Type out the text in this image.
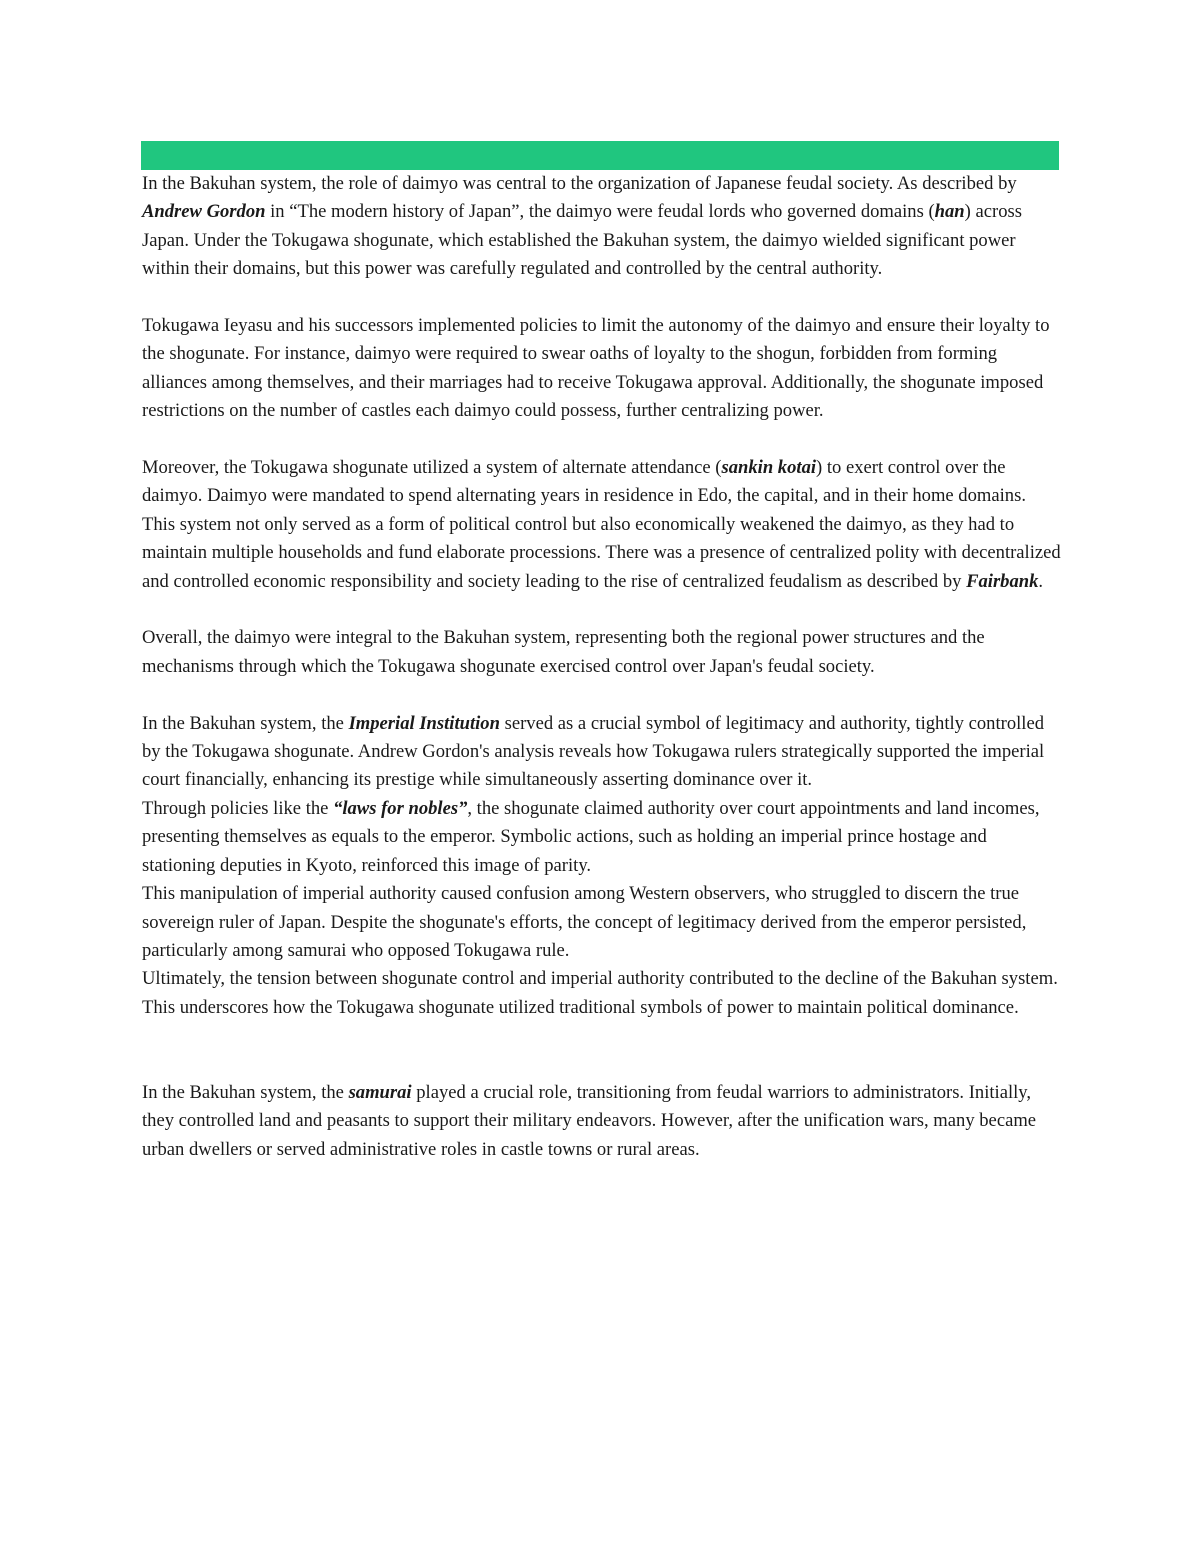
In the Bakuhan system, the role of daimyo was central to the organization of Japanese feudal society. As described by Andrew Gordon in “The modern history of Japan”, the daimyo were feudal lords who governed domains (han) across Japan. Under the Tokugawa shogunate, which established the Bakuhan system, the daimyo wielded significant power within their domains, but this power was carefully regulated and controlled by the central authority.

Tokugawa Ieyasu and his successors implemented policies to limit the autonomy of the daimyo and ensure their loyalty to the shogunate. For instance, daimyo were required to swear oaths of loyalty to the shogun, forbidden from forming alliances among themselves, and their marriages had to receive Tokugawa approval. Additionally, the shogunate imposed restrictions on the number of castles each daimyo could possess, further centralizing power.

Moreover, the Tokugawa shogunate utilized a system of alternate attendance (sankin kotai) to exert control over the daimyo. Daimyo were mandated to spend alternating years in residence in Edo, the capital, and in their home domains. This system not only served as a form of political control but also economically weakened the daimyo, as they had to maintain multiple households and fund elaborate processions. There was a presence of centralized polity with decentralized and controlled economic responsibility and society leading to the rise of centralized feudalism as described by Fairbank.

Overall, the daimyo were integral to the Bakuhan system, representing both the regional power structures and the mechanisms through which the Tokugawa shogunate exercised control over Japan's feudal society.

In the Bakuhan system, the Imperial Institution served as a crucial symbol of legitimacy and authority, tightly controlled by the Tokugawa shogunate. Andrew Gordon's analysis reveals how Tokugawa rulers strategically supported the imperial court financially, enhancing its prestige while simultaneously asserting dominance over it.

Through policies like the “laws for nobles”, the shogunate claimed authority over court appointments and land incomes, presenting themselves as equals to the emperor. Symbolic actions, such as holding an imperial prince hostage and stationing deputies in Kyoto, reinforced this image of parity.

This manipulation of imperial authority caused confusion among Western observers, who struggled to discern the true sovereign ruler of Japan. Despite the shogunate's efforts, the concept of legitimacy derived from the emperor persisted, particularly among samurai who opposed Tokugawa rule.

Ultimately, the tension between shogunate control and imperial authority contributed to the decline of the Bakuhan system. This underscores how the Tokugawa shogunate utilized traditional symbols of power to maintain political dominance.

In the Bakuhan system, the samurai played a crucial role, transitioning from feudal warriors to administrators. Initially, they controlled land and peasants to support their military endeavors. However, after the unification wars, many became urban dwellers or served administrative roles in castle towns or rural areas.
